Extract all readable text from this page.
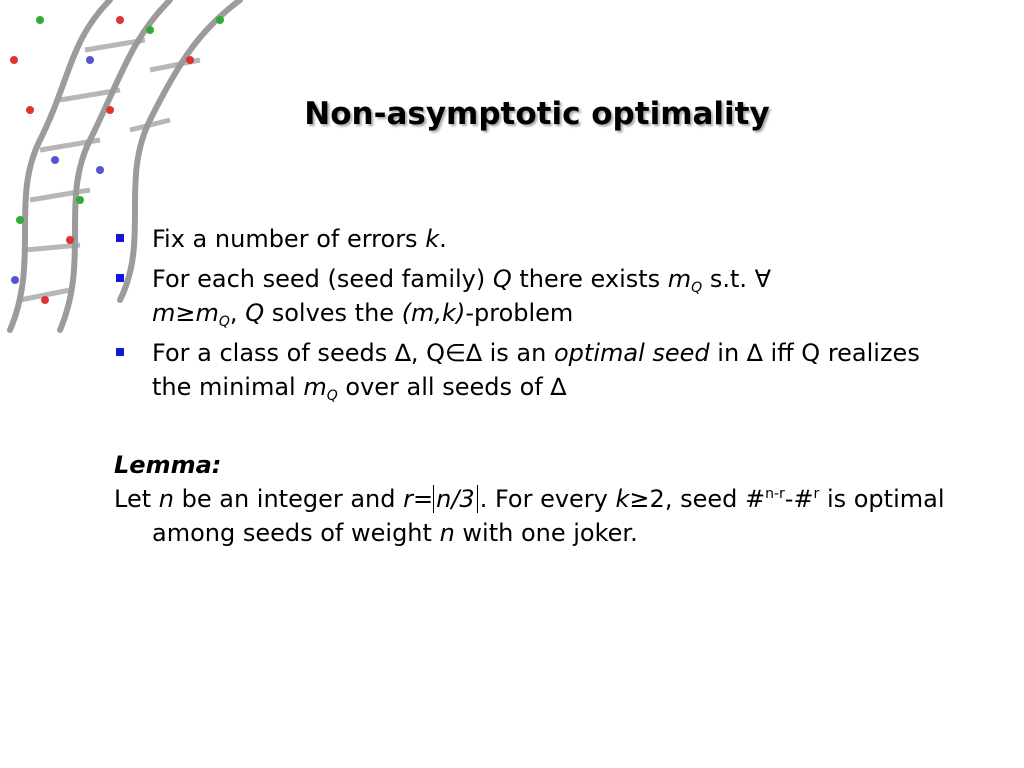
Non-asymptotic optimality
Fix a number of errors k.
For each seed (seed family) Q there exists $m_Q$ s.t. ∀
$m\ge m_Q$, Q solves the (m,k)-problem
For a class of seeds ∆, Q∈∆ is an optimal seed in ∆ iff Q realizes the minimal $m_Q$ over all seeds of ∆
Lemma:
Let n be an integer and r= n/3 . For every k≥2, seed #$^{n-r}$-#$^r$ is optimal among seeds of weight n with one joker.
